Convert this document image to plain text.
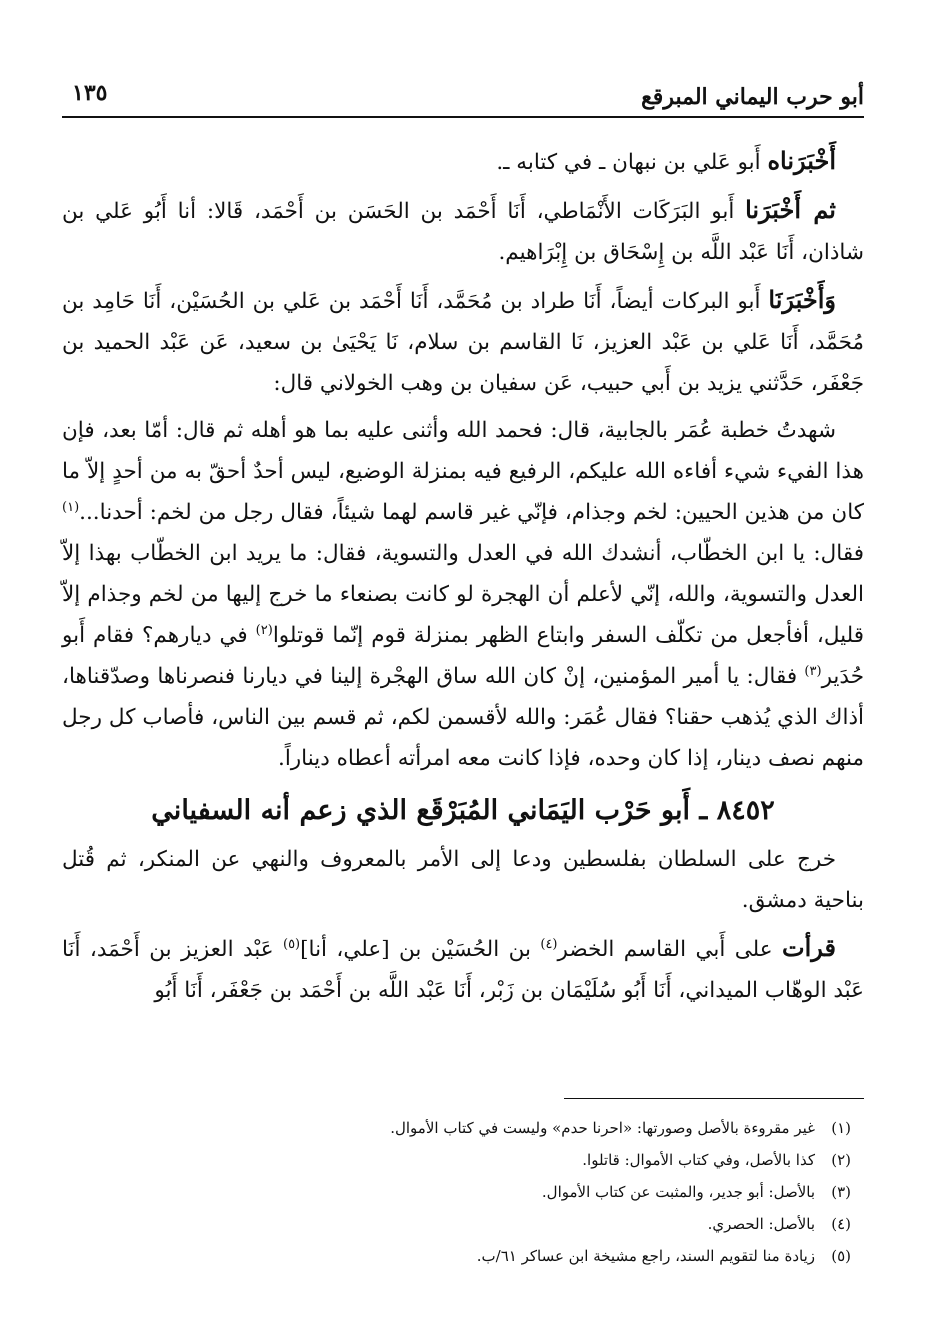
أبو حرب اليماني المبرقع
١٣٥

أَخْبَرَناه أَبو عَلي بن نبهان ـ في كتابه ـ.

ثم أَخْبَرَنا أَبو البَرَكَات الأَنْمَاطي، أَنَا أَحْمَد بن الحَسَن بن أَحْمَد، قَالا: أنا أَبُو عَلي بن شاذان، أَنَا عَبْد اللَّه بن إِسْحَاق بن إِبْرَاهيم.

وَأَخْبَرَنَا أَبو البركات أيضاً، أَنَا طراد بن مُحَمَّد، أَنَا أَحْمَد بن عَلي بن الحُسَيْن، أَنَا حَامِد بن مُحَمَّد، أَنَا عَلي بن عَبْد العزيز، نَا القاسم بن سلام، نَا يَحْيَىٰ بن سعيد، عَن عَبْد الحميد بن جَعْفَر، حَدَّثني يزيد بن أَبي حبيب، عَن سفيان بن وهب الخولاني قال:

شهدتُ خطبة عُمَر بالجابية، قال: فحمد الله وأثنى عليه بما هو أهله ثم قال: أمّا بعد، فإن هذا الفيء شيء أفاءه الله عليكم، الرفيع فيه بمنزلة الوضيع، ليس أحدٌ أحقّ به من أحدٍ إلاّ ما كان من هذين الحيين: لخم وجذام، فإنّي غير قاسم لهما شيئاً، فقال رجل من لخم: أحدنا...$^{(١)}$ فقال: يا ابن الخطّاب، أنشدك الله في العدل والتسوية، فقال: ما يريد ابن الخطّاب بهذا إلاّ العدل والتسوية، والله، إنّي لأعلم أن الهجرة لو كانت بصنعاء ما خرج إليها من لخم وجذام إلاّ قليل، أفأجعل من تكلّف السفر وابتاع الظهر بمنزلة قوم إنّما قوتلوا$^{(٢)}$ في ديارهم؟ فقام أَبو حُدَير$^{(٣)}$ فقال: يا أمير المؤمنين، إنْ كان الله ساق الهجْرة إلينا في ديارنا فنصرناها وصدّقناها، أذاك الذي يُذهب حقنا؟ فقال عُمَر: والله لأقسمن لكم، ثم قسم بين الناس، فأصاب كل رجل منهم نصف دينار، إذا كان وحده، فإذا كانت معه امرأته أعطاه ديناراً.

٨٤٥٢ ـ أَبو حَرْب اليَمَاني المُبَرْقَع الذي زعم أنه السفياني

خرج على السلطان بفلسطين ودعا إلى الأمر بالمعروف والنهي عن المنكر، ثم قُتل بناحية دمشق.

قرأت على أَبي القاسم الخضر$^{(٤)}$ بن الحُسَيْن بن [علي، أنا]$^{(٥)}$ عَبْد العزيز بن أَحْمَد، أَنَا عَبْد الوهّاب الميداني، أَنَا أَبُو سُلَيْمَان بن زَبْر، أَنَا عَبْد اللَّه بن أَحْمَد بن جَعْفَر، أَنَا أَبُو

(١)غير مقروءة بالأصل وصورتها: «احرنا حدم» وليست في كتاب الأموال.
(٢)كذا بالأصل، وفي كتاب الأموال: قاتلوا.
(٣)بالأصل: أبو جدير، والمثبت عن كتاب الأموال.
(٤)بالأصل: الحصري.
(٥)زيادة منا لتقويم السند، راجع مشيخة ابن عساكر ٦١/ب.
